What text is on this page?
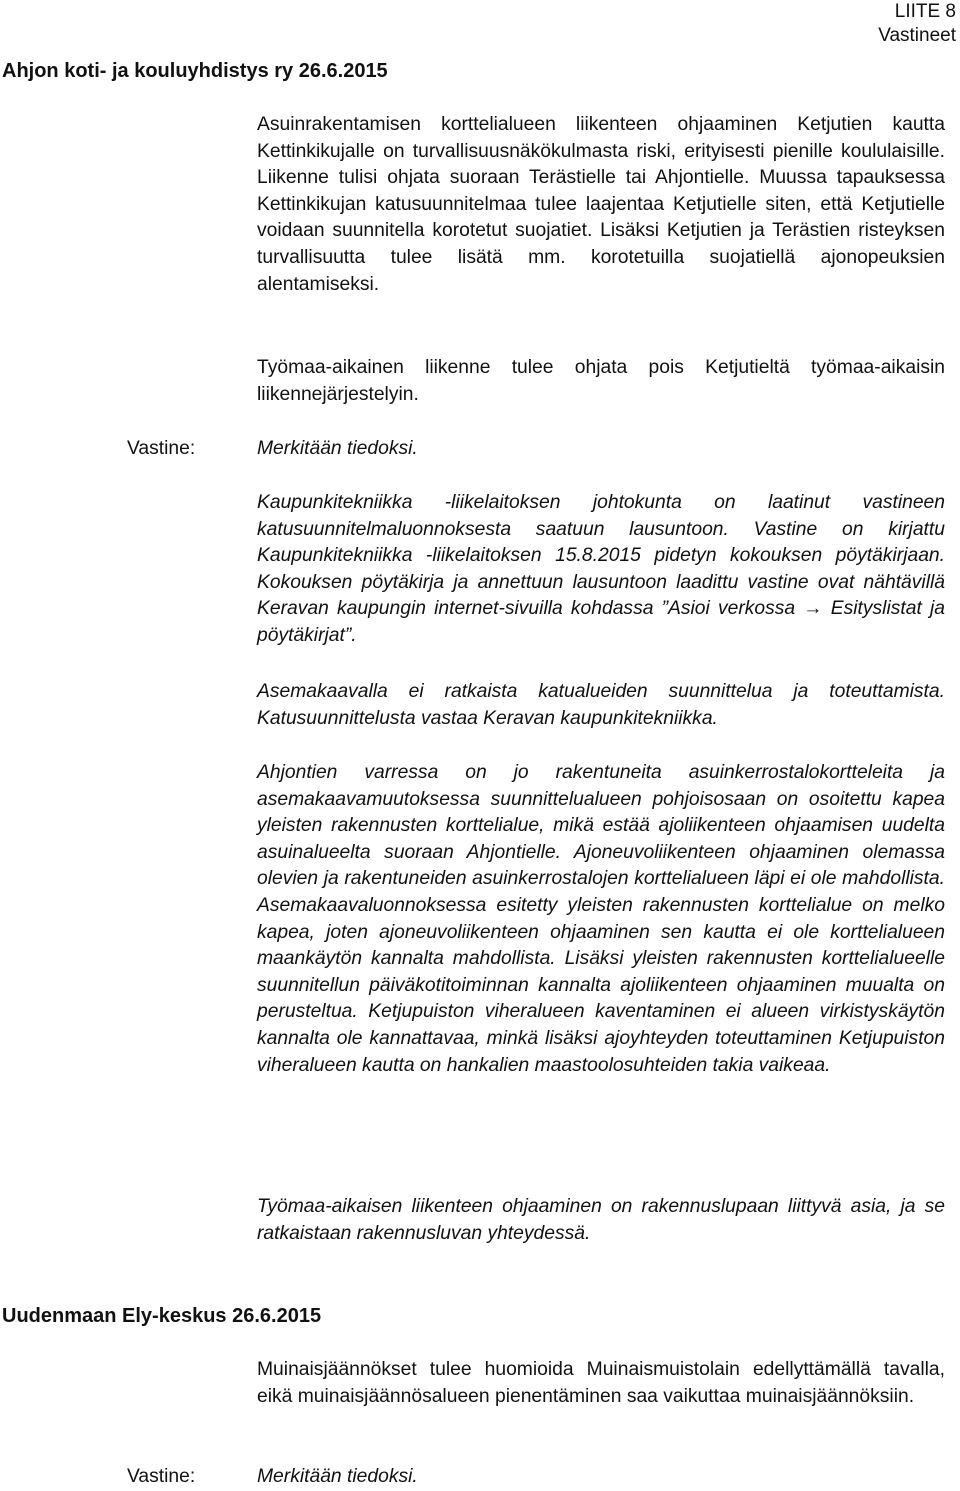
LIITE 8
Vastineet
Ahjon koti- ja kouluyhdistys ry 26.6.2015

Asuinrakentamisen korttelialueen liikenteen ohjaaminen Ketjutien kautta Kettinkikujalle on turvallisuusnäkökulmasta riski, erityisesti pienille koululaisille. Liikenne tulisi ohjata suoraan Terästielle tai Ahjontielle. Muussa tapauksessa Kettinkikujan katusuunnitelmaa tulee laajentaa Ketjutielle siten, että Ketjutielle voidaan suunnitella korotetut suojatiet. Lisäksi Ketjutien ja Terästien risteyksen turvallisuutta tulee lisätä mm. korotetuilla suojatiellä ajonopeuksien alentamiseksi.

Työmaa-aikainen liikenne tulee ohjata pois Ketjutieltä työmaa-aikaisin liikennejärjestelyin.

Vastine:	Merkitään tiedoksi.

Kaupunkitekniikka -liikelaitoksen johtokunta on laatinut vastineen katusuunnitelmaluonnoksesta saatuun lausuntoon. Vastine on kirjattu Kaupunkitekniikka -liikelaitoksen 15.8.2015 pidetyn kokouksen pöytäkirjaan. Kokouksen pöytäkirja ja annettuun lausuntoon laadittu vastine ovat nähtävillä Keravan kaupungin internet-sivuilla kohdassa ”Asioi verkossa → Esityslistat ja pöytäkirjat”.

Asemakaavalla ei ratkaista katualueiden suunnittelua ja toteuttamista. Katusuunnittelusta vastaa Keravan kaupunkitekniikka.

Ahjontien varressa on jo rakentuneita asuinkerrostalokortteleita ja asemakaavamuutoksessa suunnittelualueen pohjoisosaan on osoitettu kapea yleisten rakennusten korttelialue, mikä estää ajoliikenteen ohjaamisen uudelta asuinalueelta suoraan Ahjontielle. Ajoneuvoliikenteen ohjaaminen olemassa olevien ja rakentuneiden asuinkerrostalojen korttelialueen läpi ei ole mahdollista. Asemakaavaluonnoksessa esitetty yleisten rakennusten korttelialue on melko kapea, joten ajoneuvoliikenteen ohjaaminen sen kautta ei ole korttelialueen maankäytön kannalta mahdollista. Lisäksi yleisten rakennusten korttelialueelle suunnitellun päiväkotitoiminnan kannalta ajoliikenteen ohjaaminen muualta on perusteltua. Ketjupuiston viheralueen kaventaminen ei alueen virkistyskäytön kannalta ole kannattavaa, minkä lisäksi ajoyhteyden toteuttaminen Ketjupuiston viheralueen kautta on hankalien maastoolosuhteiden takia vaikeaa.

Työmaa-aikaisen liikenteen ohjaaminen on rakennuslupaan liittyvä asia, ja se ratkaistaan rakennusluvan yhteydessä.

Uudenmaan Ely-keskus 26.6.2015

Muinaisjäännökset tulee huomioida Muinaismuistolain edellyttämällä tavalla, eikä muinaisjäännösalueen pienentäminen saa vaikuttaa muinaisjäännöksiin.

Vastine:	Merkitään tiedoksi.
